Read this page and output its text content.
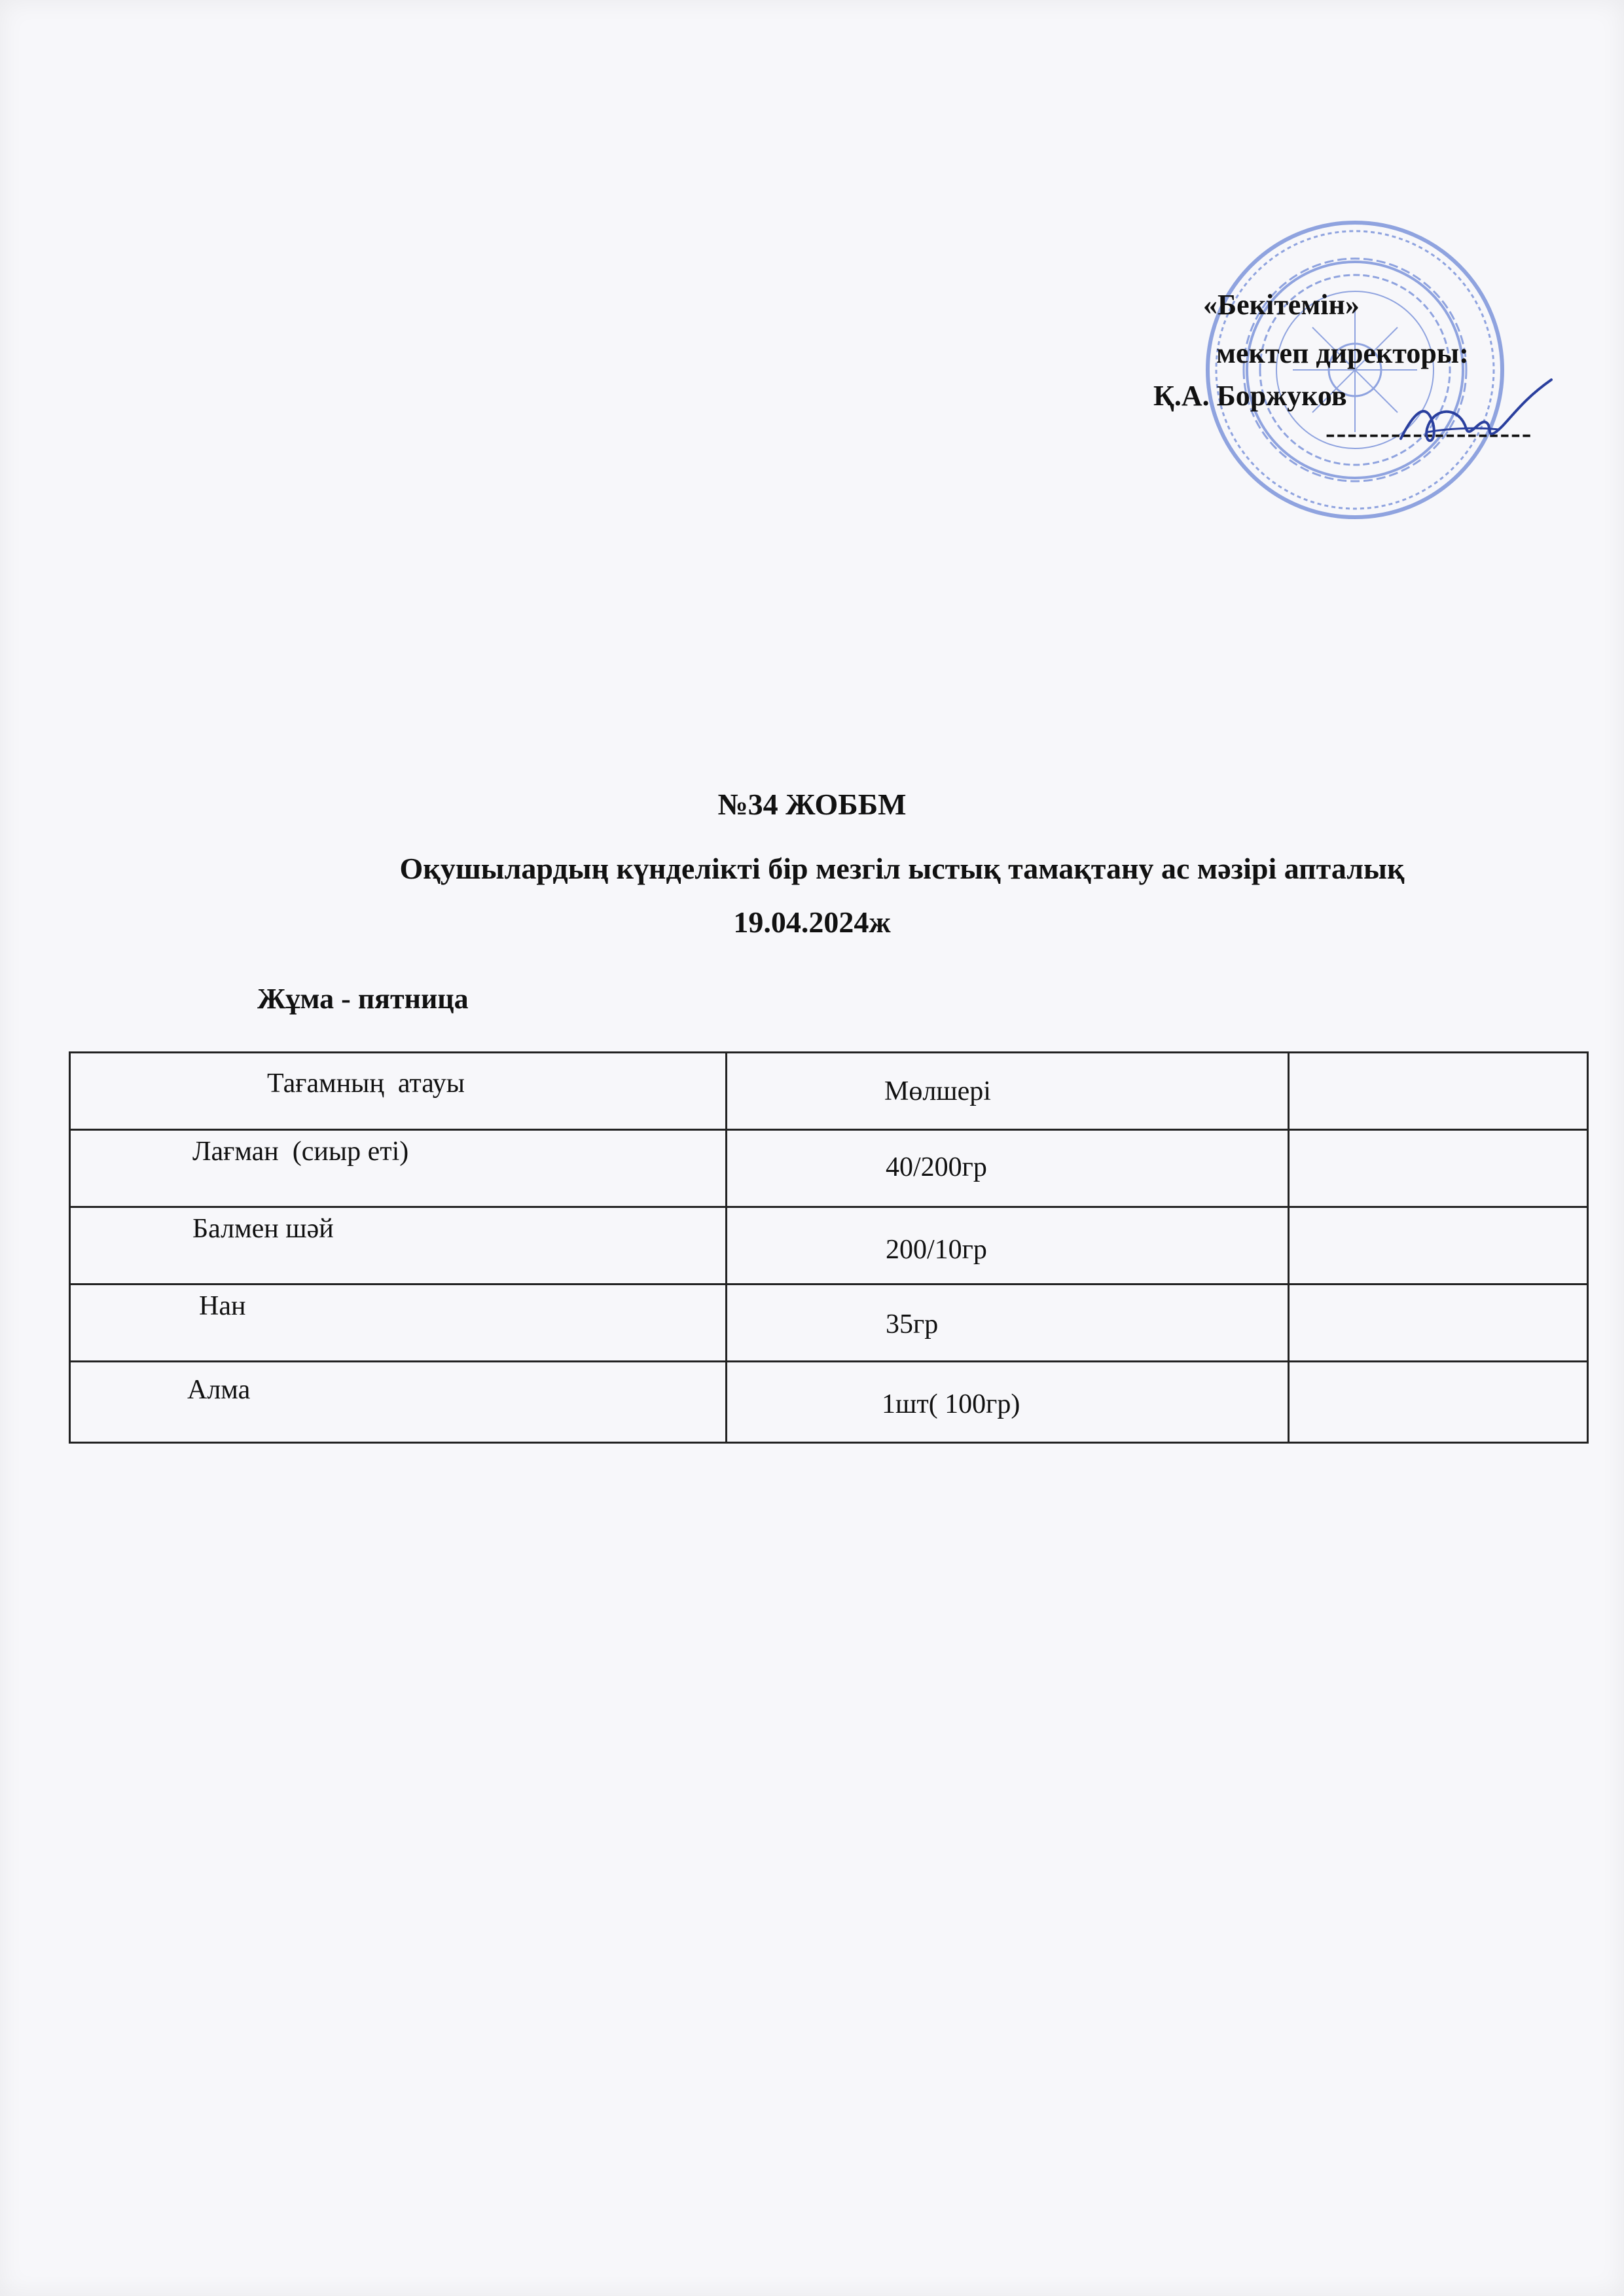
«Бекітемін»
мектеп директоры:
Қ.А. Боржуков
-------------------
№34 ЖОББМ
Оқушылардың күнделікті бір мезгіл ыстық тамақтану ас мәзірі апталық
19.04.2024ж
Жұма - пятница
Тағамның  атауы	Мөлшері	

Лағман  (сиыр еті)	40/200гр	

Балмен шәй	200/10гр	

Нан	35гр	

Алма	1шт( 100гр)	
